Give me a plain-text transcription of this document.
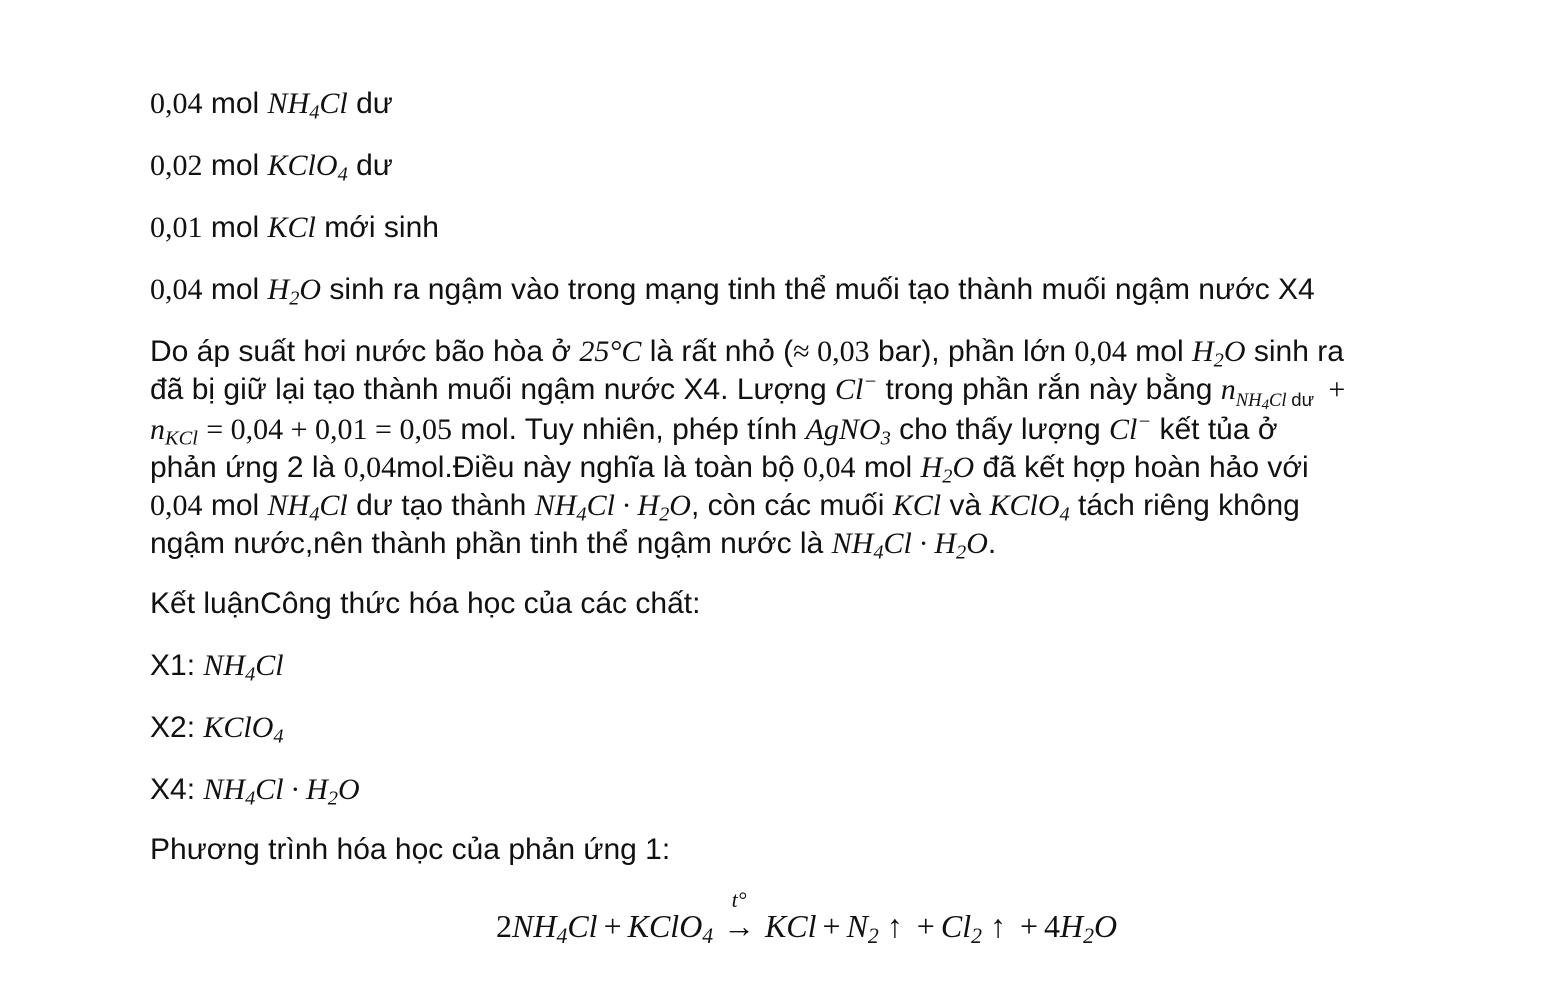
0,04 mol $NH_4Cl$ dư
0,02 mol KClO$_4$ dư
0,01 mol KCl mới sinh
0,04 mol $H_2O$ sinh ra ngậm vào trong mạng tinh thể muối tạo thành muối ngậm nước X4
Do áp suất hơi nước bão hòa ở 25°C là rất nhỏ (≈ 0,03 bar), phần lớn 0,04 mol $H_2O$ sinh ra
đã bị giữ lại tạo thành muối ngậm nước X4. Lượng Cl− trong phần rắn này bằng $n_{NH4Cl dư}$ +
$n_{KCl} = 0,04 + 0,01 = 0,05$ mol. Tuy nhiên, phép tính AgNO$_3$ cho thấy lượng Cl− kết tủa ở
phản ứng 2 là 0,04mol.Điều này nghĩa là toàn bộ 0,04 mol $H_2O$ đã kết hợp hoàn hảo với
0,04 mol $NH_4Cl$ dư tạo thành $NH_4Cl \cdot H_2O$, còn các muối KCl và KClO$_4$ tách riêng không
ngậm nước,nên thành phần tinh thể ngậm nước là $NH_4Cl \cdot H_2O$.
Kết luậnCông thức hóa học của các chất:
X1: $NH_4Cl$
X2: KClO$_4$
X4: $NH_4Cl \cdot H_2O$
Phương trình hóa học của phản ứng 1:
$2NH_4Cl$ + KClO$_4$
t°
→ KCl + $N_2$ ↑ + $Cl_2$ ↑ + $4H_2O$
